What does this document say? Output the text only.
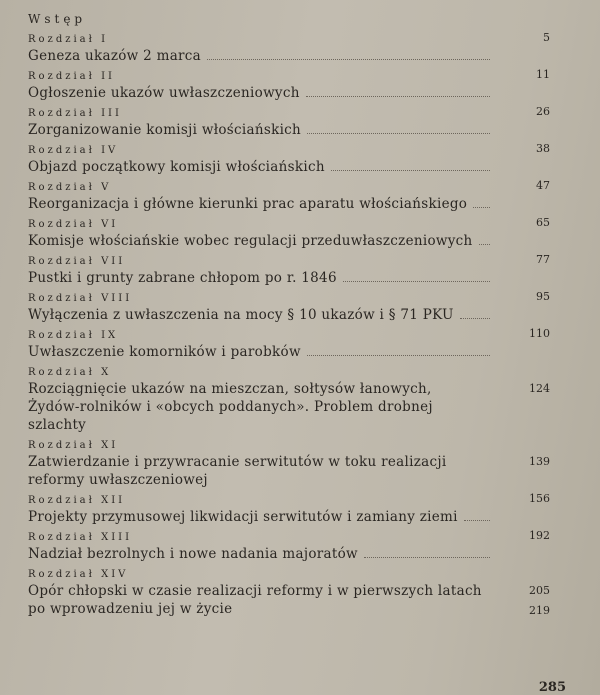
Wstęp
Rozdział I
Geneza ukazów 2 marca
5
Rozdział II
Ogłoszenie ukazów uwłaszczeniowych
11
Rozdział III
Zorganizowanie komisji włościańskich
26
Rozdział IV
Objazd początkowy komisji włościańskich
38
Rozdział V
Reorganizacja i główne kierunki prac aparatu włościańskiego
47
Rozdział VI
Komisje włościańskie wobec regulacji przeduwłaszczeniowych
65
Rozdział VII
Pustki i grunty zabrane chłopom po r. 1846
77
Rozdział VIII
Wyłączenia z uwłaszczenia na mocy § 10 ukazów i § 71 PKU
95
Rozdział IX
Uwłaszczenie komorników i parobków
110
Rozdział X
Rozciągnięcie ukazów na mieszczan, sołtysów łanowych, Żydów-rolników i «obcych poddanych». Problem drobnej szlachty
124
Rozdział XI
Zatwierdzanie i przywracanie serwitutów w toku realizacji reformy uwłaszczeniowej
139
Rozdział XII
Projekty przymusowej likwidacji serwitutów i zamiany ziemi
156
Rozdział XIII
Nadział bezrolnych i nowe nadania majoratów
192
Rozdział XIV
Opór chłopski w czasie realizacji reformy i w pierwszych latach po wprowadzeniu jej w życie
205
219
285
